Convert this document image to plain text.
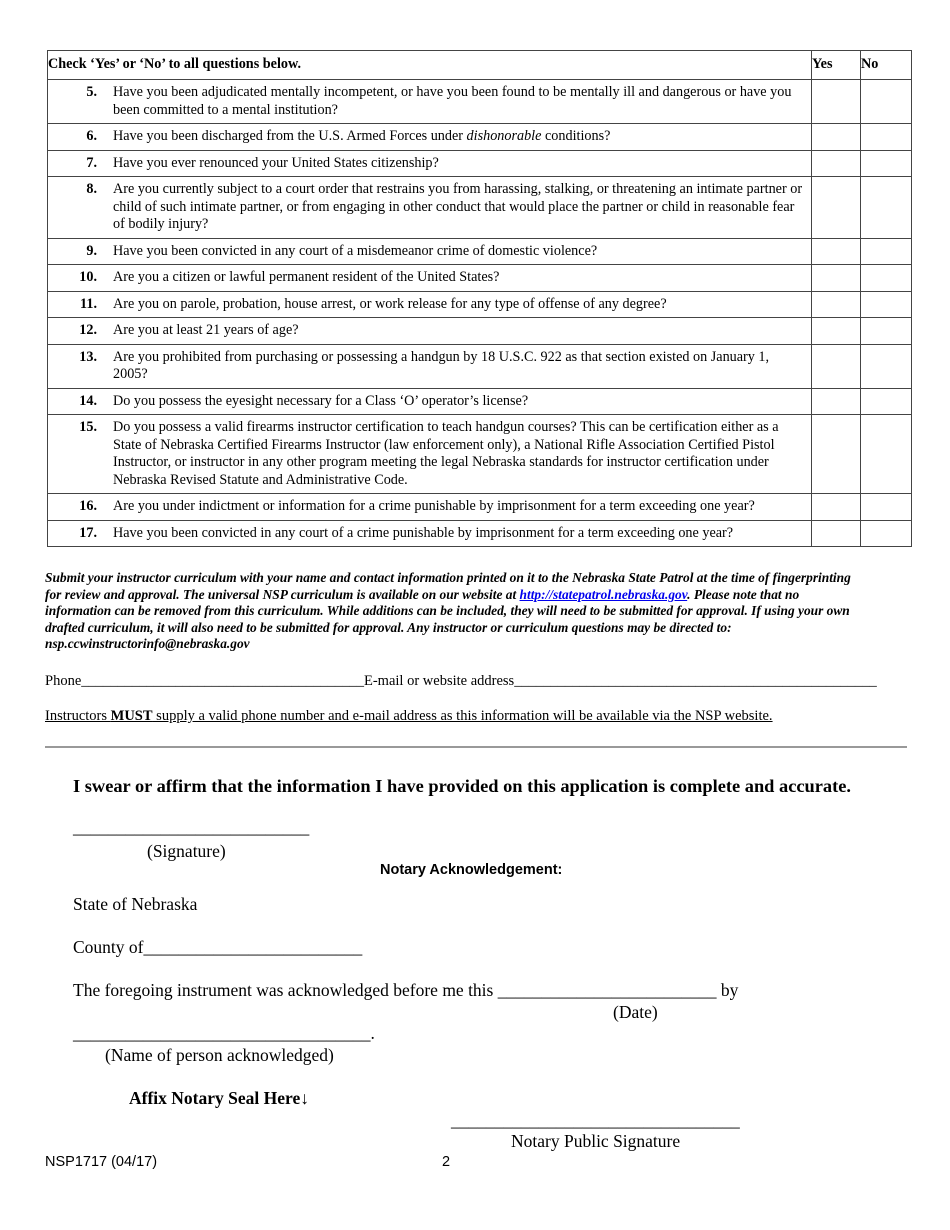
Check ‘Yes’ or ‘No’ to all questions below.	Yes	No

5. Have you been adjudicated mentally incompetent, or have you been found to be mentally ill and dangerous or have you been committed to a mental institution?		

6. Have you been discharged from the U.S. Armed Forces under dishonorable conditions?		

7. Have you ever renounced your United States citizenship?		

8. Are you currently subject to a court order that restrains you from harassing, stalking, or threatening an intimate partner or child of such intimate partner, or from engaging in other conduct that would place the partner or child in reasonable fear of bodily injury?		

9. Have you been convicted in any court of a misdemeanor crime of domestic violence?		

10. Are you a citizen or lawful permanent resident of the United States?		

11. Are you on parole, probation, house arrest, or work release for any type of offense of any degree?		

12. Are you at least 21 years of age?		

13. Are you prohibited from purchasing or possessing a handgun by 18 U.S.C. 922 as that section existed on January 1, 2005?		

14. Do you possess the eyesight necessary for a Class ‘O’ operator’s license?		

15. Do you possess a valid firearms instructor certification to teach handgun courses? This can be certification either as a State of Nebraska Certified Firearms Instructor (law enforcement only), a National Rifle Association Certified Pistol Instructor, or instructor in any other program meeting the legal Nebraska standards for instructor certification under Nebraska Revised Statute and Administrative Code.		

16. Are you under indictment or information for a crime punishable by imprisonment for a term exceeding one year?		

17. Have you been convicted in any court of a crime punishable by imprisonment for a term exceeding one year?		

Submit your instructor curriculum with your name and contact information printed on it to the Nebraska State Patrol at the time of fingerprinting for review and approval. The universal NSP curriculum is available on our website at http://statepatrol.nebraska.gov. Please note that no information can be removed from this curriculum. While additions can be included, they will need to be submitted for approval. If using your own drafted curriculum, it will also need to be submitted for approval. Any instructor or curriculum questions may be directed to: nsp.ccwinstructorinfo@nebraska.gov
Phone_______________________________________E-mail or website address__________________________________________________
Instructors MUST supply a valid phone number and e-mail address as this information will be available via the NSP website.
I swear or affirm that the information I have provided on this application is complete and accurate.
___________________________
(Signature)
Notary Acknowledgement:
State of Nebraska
County of_________________________
The foregoing instrument was acknowledged before me this _________________________ by
(Date)
__________________________________.
(Name of person acknowledged)
Affix Notary Seal Here↓
_________________________________
Notary Public Signature
NSP1717 (04/17)	2
